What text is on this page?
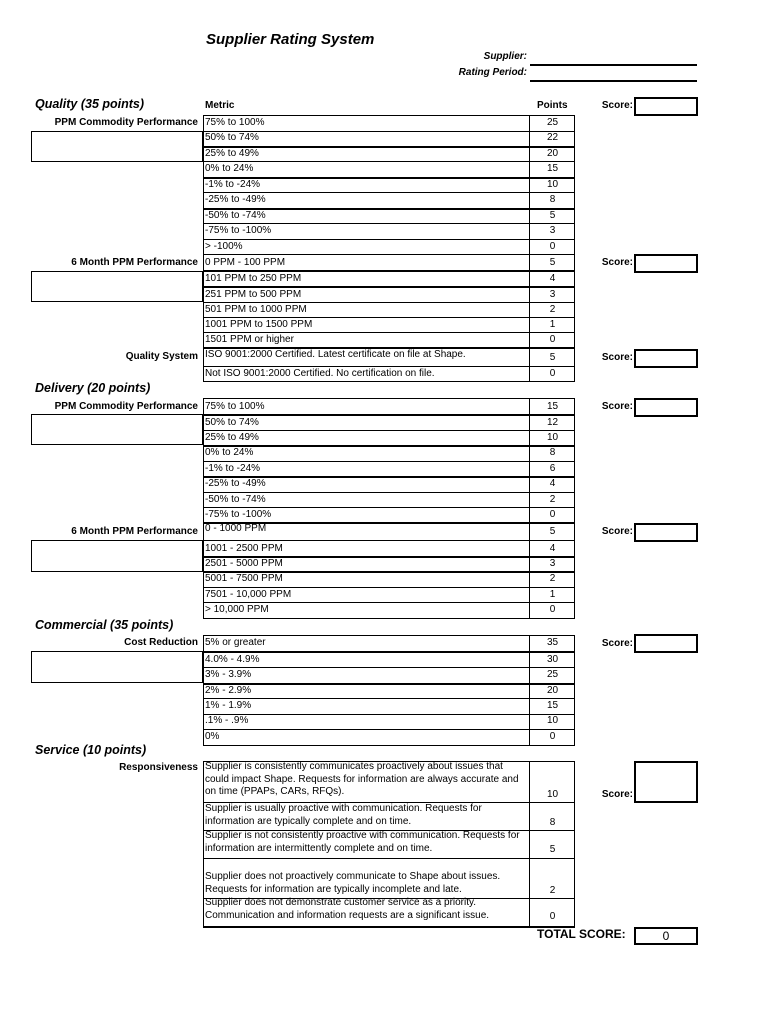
Supplier Rating System
Supplier:
Rating Period:
Quality (35 points)	Metric	Points	Score:
PPM Commodity Performance 75% to 100%	25
50% to 74%	22
25% to 49%	20
0% to 24%	15
-1% to -24%	10
-25% to -49%	8
-50% to -74%	5
-75% to -100%	3
> -100%	0
6 Month PPM Performance	Score:
0 PPM - 100 PPM	5
101 PPM to 250 PPM	4
251 PPM to 500 PPM	3
501 PPM to 1000 PPM	2
1001 PPM to 1500 PPM	1
1501 PPM or higher	0
Quality System	Score:
ISO 9001:2000 Certified. Latest certificate on file at Shape.	5
Not ISO 9001:2000 Certified. No certification on file.	0
Delivery (20 points)
PPM Commodity Performance	Score:
75% to 100%	15
50% to 74%	12
25% to 49%	10
0% to 24%	8
-1% to -24%	6
-25% to -49%	4
-50% to -74%	2
-75% to -100%	0
6 Month PPM Performance	Score:
0 - 1000 PPM	5
1001 - 2500 PPM	4
2501 - 5000 PPM	3
5001 - 7500 PPM	2
7501 - 10,000 PPM	1
> 10,000 PPM	0
Commercial (35 points)
Cost Reduction	Score:
5% or greater	35
4.0% - 4.9%	30
3% - 3.9%	25
2% - 2.9%	20
1% - 1.9%	15
.1% - .9%	10
0%	0
Service (10 points)
Responsiveness
Score:
Supplier is consistently communicates proactively about issues that could impact Shape. Requests for information are always accurate and on time (PPAPs, CARs, RFQs).	10
Supplier is usually proactive with communication. Requests for information are typically complete and on time.	8
Supplier is not consistently proactive with communication. Requests for information are intermittently complete and on time.	5
Supplier does not proactively communicate to Shape about issues. Requests for information are typically incomplete and late.	2
Supplier does not demonstrate customer service as a priority. Communication and information requests are a significant issue.	0
TOTAL SCORE:	0
